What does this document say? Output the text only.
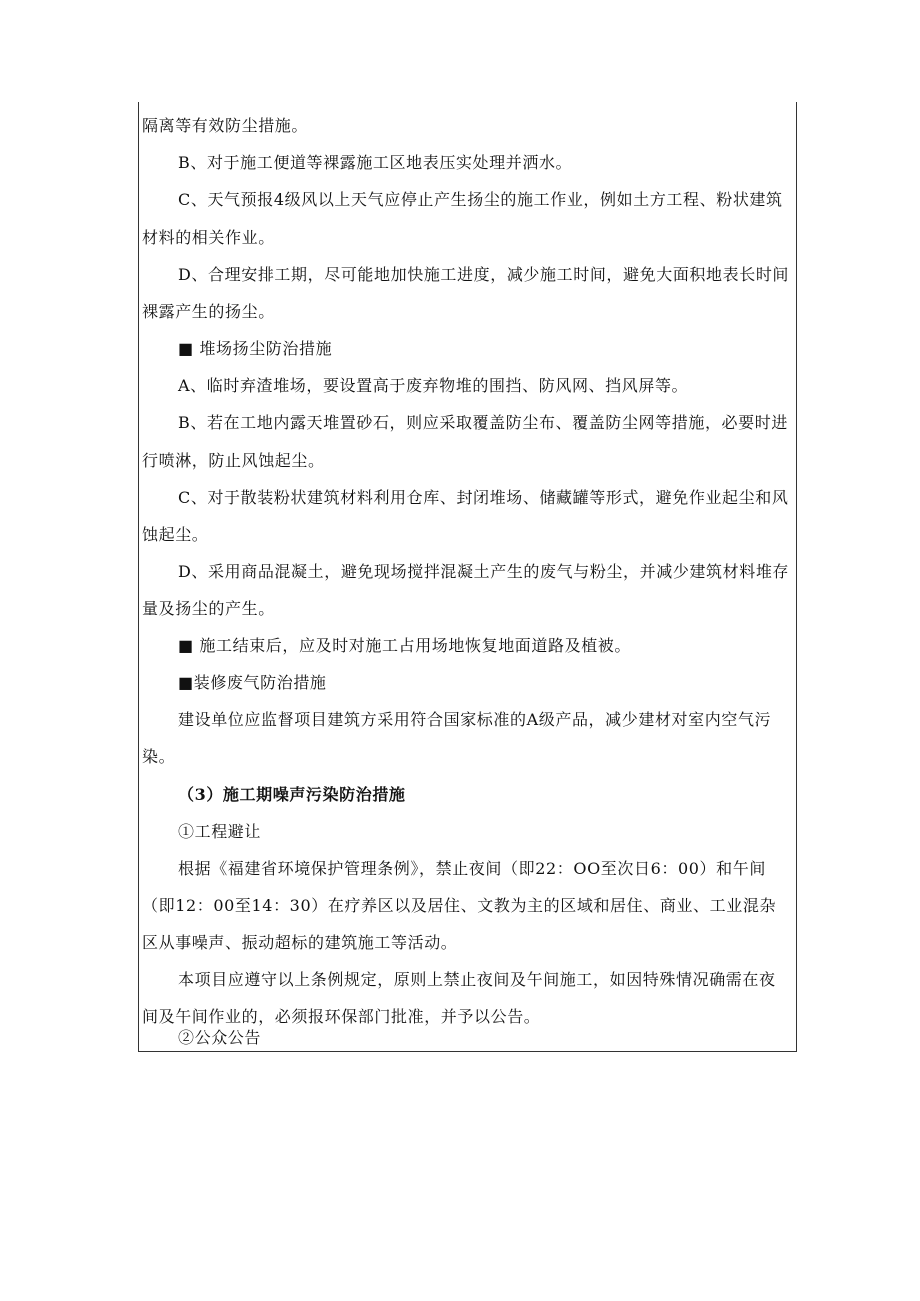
隔离等有效防尘措施。
B、对于施工便道等裸露施工区地表压实处理并洒水。
C、天气预报4级风以上天气应停止产生扬尘的施工作业，例如土方工程、粉状建筑
材料的相关作业。
D、合理安排工期，尽可能地加快施工进度，减少施工时间，避免大面积地表长时间
裸露产生的扬尘。
■ 堆场扬尘防治措施
A、临时弃渣堆场，要设置高于废弃物堆的围挡、防风网、挡风屏等。
B、若在工地内露天堆置砂石，则应采取覆盖防尘布、覆盖防尘网等措施，必要时进
行喷淋，防止风蚀起尘。
C、对于散装粉状建筑材料利用仓库、封闭堆场、储藏罐等形式，避免作业起尘和风
蚀起尘。
D、采用商品混凝土，避免现场搅拌混凝土产生的废气与粉尘，并减少建筑材料堆存
量及扬尘的产生。
■ 施工结束后，应及时对施工占用场地恢复地面道路及植被。
■装修废气防治措施
建设单位应监督项目建筑方采用符合国家标准的A级产品，减少建材对室内空气污
染。
（3）施工期噪声污染防治措施
①工程避让
根据《福建省环境保护管理条例》，禁止夜间（即22：OO至次日6：00）和午间
（即12：00至14：30）在疗养区以及居住、文教为主的区域和居住、商业、工业混杂
区从事噪声、振动超标的建筑施工等活动。
本项目应遵守以上条例规定，原则上禁止夜间及午间施工，如因特殊情况确需在夜
间及午间作业的，必须报环保部门批准，并予以公告。
②公众公告
